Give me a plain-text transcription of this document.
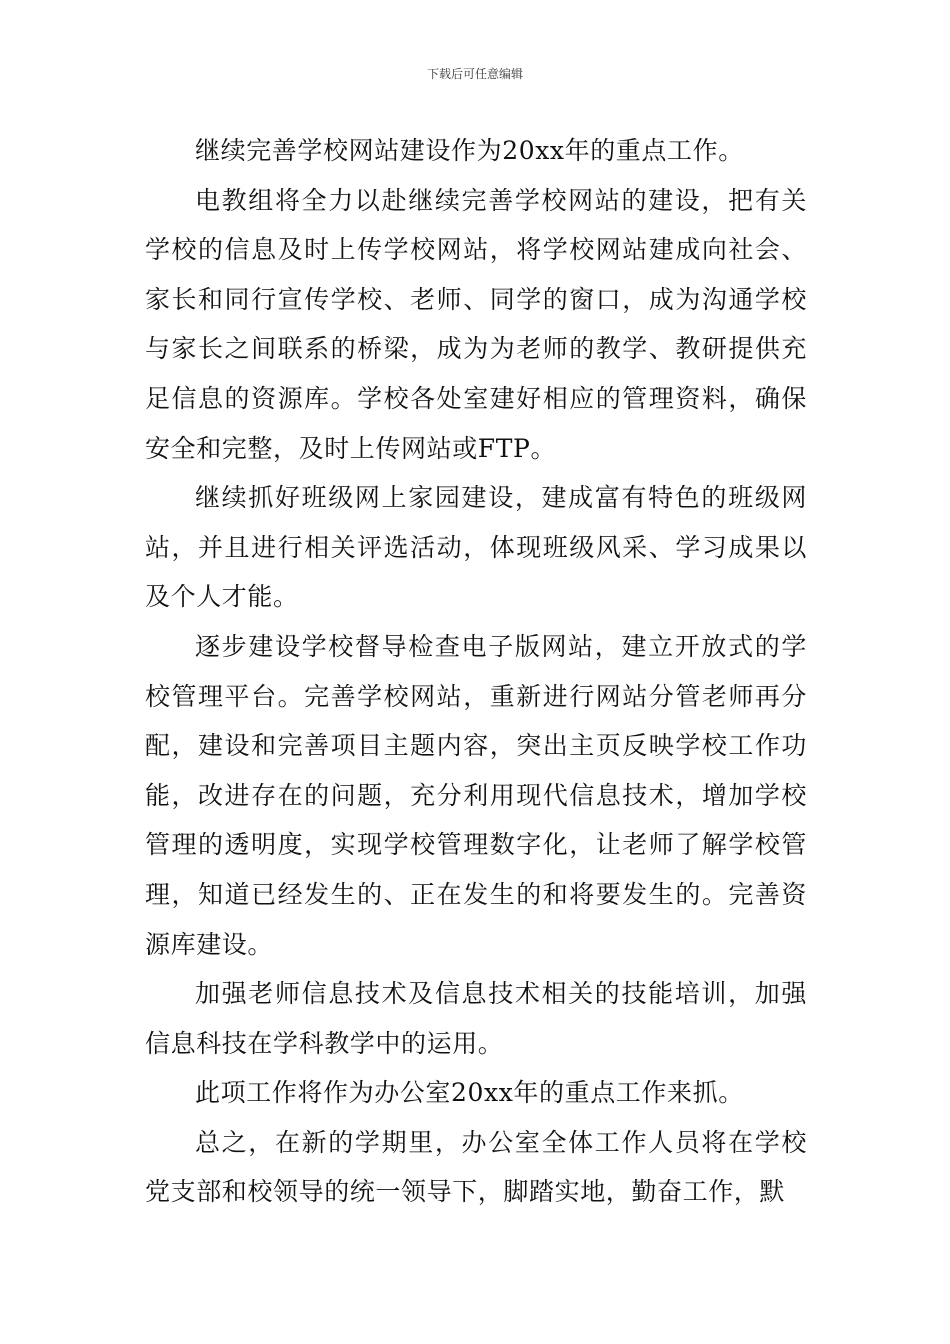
下载后可任意编辑

继续完善学校网站建设作为20xx年的重点工作。

电教组将全力以赴继续完善学校网站的建设，把有关学校的信息及时上传学校网站，将学校网站建成向社会、家长和同行宣传学校、老师、同学的窗口，成为沟通学校与家长之间联系的桥梁，成为为老师的教学、教研提供充足信息的资源库。学校各处室建好相应的管理资料，确保安全和完整，及时上传网站或FTP。

继续抓好班级网上家园建设，建成富有特色的班级网站，并且进行相关评选活动，体现班级风采、学习成果以及个人才能。

逐步建设学校督导检查电子版网站，建立开放式的学校管理平台。完善学校网站，重新进行网站分管老师再分配，建设和完善项目主题内容，突出主页反映学校工作功能，改进存在的问题，充分利用现代信息技术，增加学校管理的透明度，实现学校管理数字化，让老师了解学校管理，知道已经发生的、正在发生的和将要发生的。完善资源库建设。

加强老师信息技术及信息技术相关的技能培训，加强信息科技在学科教学中的运用。

此项工作将作为办公室20xx年的重点工作来抓。

总之，在新的学期里，办公室全体工作人员将在学校党支部和校领导的统一领导下，脚踏实地，勤奋工作，默
